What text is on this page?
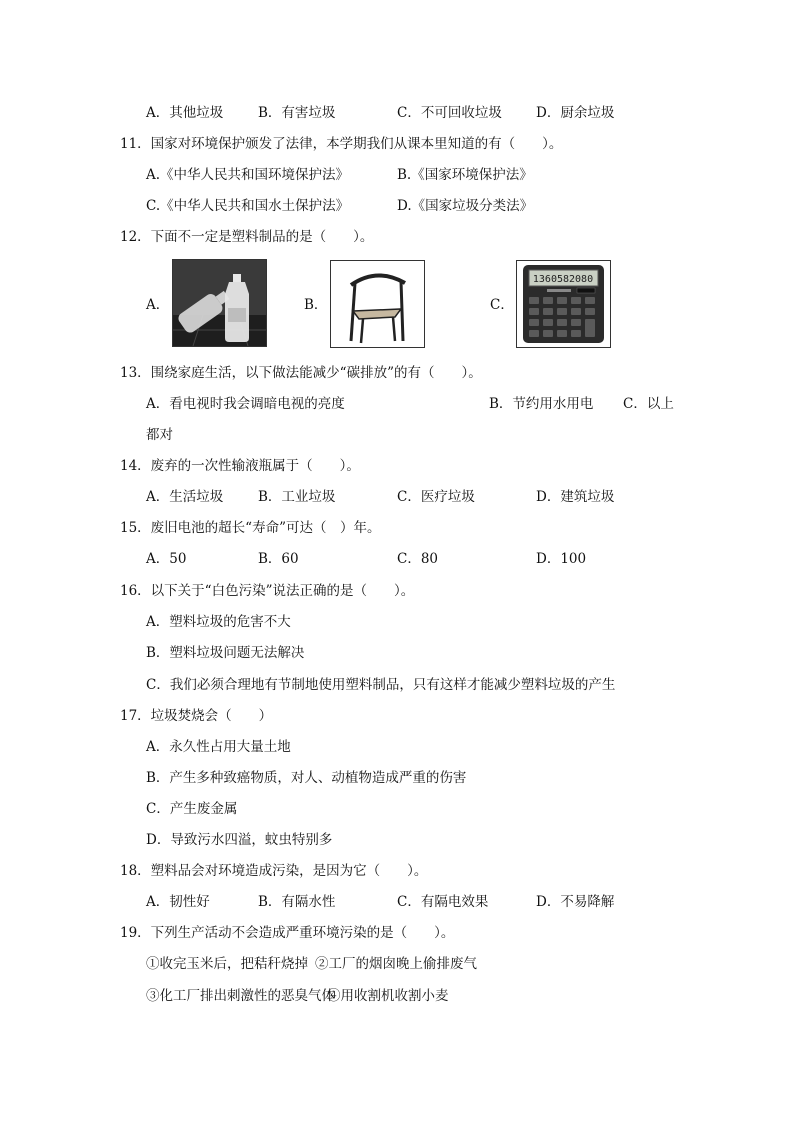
A．其他垃圾	B．有害垃圾	C．不可回收垃圾	D．厨余垃圾
11．国家对环境保护颁发了法律，本学期我们从课本里知道的有（　　）。
A.《中华人民共和国环境保护法》	B.《国家环境保护法》
C.《中华人民共和国水土保护法》	D.《国家垃圾分类法》
12．下面不一定是塑料制品的是（　　）。
A．	B．	C．
1360582080
13．围绕家庭生活，以下做法能减少“碳排放”的有（　　）。
A．看电视时我会调暗电视的亮度	B．节约用水用电 C．以上
都对
14．废弃的一次性输液瓶属于（　　）。
A．生活垃圾	B．工业垃圾	C．医疗垃圾	D．建筑垃圾
15．废旧电池的超长“寿命”可达（　）年。
A．50	B．60	C．80	D．100
16．以下关于“白色污染”说法正确的是（　　）。
A．塑料垃圾的危害不大
B．塑料垃圾问题无法解决
C．我们必须合理地有节制地使用塑料制品，只有这样才能减少塑料垃圾的产生
17．垃圾焚烧会（　　）
A．永久性占用大量土地
B．产生多种致癌物质，对人、动植物造成严重的伤害
C．产生废金属
D．导致污水四溢，蚊虫特别多
18．塑料品会对环境造成污染，是因为它（　　）。
A．韧性好	B．有隔水性	C．有隔电效果	D．不易降解
19．下列生产活动不会造成严重环境污染的是（　　）。
①收完玉米后，把秸秆烧掉 ②工厂的烟囱晚上偷排废气
③化工厂排出刺激性的恶臭气体
④用收割机收割小麦
